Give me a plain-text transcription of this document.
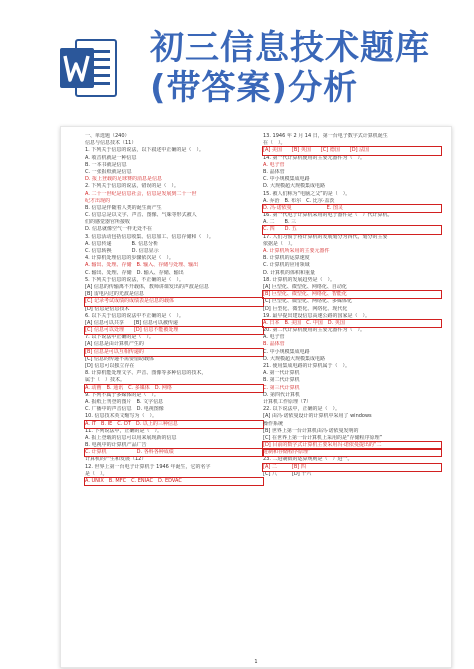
初三信息技术题库
(带答案)分析
一、单选题（240）
信息与信息技术（11）
1. 下列关于信息的说法，以下叙述中正确的是（　）。
A. 收音机就是一种信息
B. 一本书就是信息
C. 一张报纸就是信息
D. 报上登载的足球赛的消息是信息
2. 下列关于信息的说法，错误的是（　）。
A. 二十一世纪是信息社会，信息是发展到二十一世
纪才出现的
B. 信息是伴随着人类的诞生而产生
C. 信息总是以文字、声音、图像、气味等形式被人
们的感觉器官所接收
D. 信息就像空气一样无处不在
3. 信息活动包括信息收集、信息加工、信息存储和（　）。
A. 信息传递　　　　B. 信息分析
C. 信息转换　　　　D. 信息显示
4. 计算机处理信息的步骤依次是（　）。
A. 输出、处理、存储　B. 输入、存储与处理、输出
C. 输出、处理、存储　D. 输入、存储、输出
5. 下列关于信息的说法，不正确的是（　）。
[A] 信息的传输离不开载体，教师讲课发出的声波是信息
[B] 雷电闪过的光波是信息
[C] 记录考试成绩的成绩表是信息的载体
[D] 信息是信息技术
6. 以下关于信息的说法中不正确的是（　）。
[A] 信息可以共享　　[B] 信息可以被传递
[C] 信息可以处理　　[D] 信息不能被处理
7. 以下说法中正确的是（　）。
[A] 信息是由计算机产生的
[B] 信息是可以互相传递的
[C] 信息的传递不需要借助载体
[D] 信息可以独立存在
8. 计算机能处理文字、声音、图像等多种信息的技术，
属于（　）技术。
A. 动画　B. 通讯　C. 多媒体　D. 网络
9. 下列不属于多媒体的是（　）。
A. 报纸上刊登的图片　B. 文字信息
C. 广播中的声音信息　D. 电视图像
10. 信息技术英文缩写为（　）。
A. IT　B. IE　C. DT　D. 以上的三种信息
11. 下列说法中，正确的是（　）。
A. 报上登载的信息可以用来展现新的信息
B. 电视中的计算机产品广告
C. 计算机　　　　　　D. 各科各种成绩
计算机的产生和发展（12）
12. 世界上第一台电子计算机于 1946 年诞生，它的名字
是（　）。
A. UNIX　B. MFC　C. ENIAC　D. EDVAC
13. 1946 年 2 月 14 日，第一台电子数字式计算机诞生
在（　）。
[A] 美国　　[B] 英国　　[C] 德国　　[D] 法国
14. 第一代计算机使用的主要元器件为（　）。
A. 电子管
B. 晶体管
C. 中小规模集成电路
D. 大规模超大规模集成电路
15. 被人们称为“电脑之父”的是（　）。
A. 乔治　B. 布尔　C. 比尔·盖茨
D. 冯·诺依曼　　　　　　　E. 图灵
16. 第一代电子计算机采用的电子器件是（　）代计算机。
A. 二　　B. 三
C. 四　　D. 五
17. 人们习惯于将计算机的发展划分为四代，划分的主要
依据是（　）。
A. 计算机所采用的主要元器件
B. 计算机的运算速度
C. 计算机的应用领域
D. 计算机的体积和重量
18. 计算机的发展趋势是（　）。
[A] 巨型化、微型化、网络化、自动化
[B] 巨型化、微型化、网络化、智能化
[C] 巨型化、微型化、网络化、多媒体化
[D] 巨型化、微型化、网络化、现代化
19. 最早提出建设信息高速公路的国家是（　）。
A. 日本　B. 美国　C. 中国　D. 英国
20. 第二代计算机使用的主要元器件为（　）。
A. 电子管
B. 晶体管
C. 中小规模集成电路
D. 大规模超大规模集成电路
21. 使用集成电路的计算机属于（　）。
A. 第一代计算机
B. 第二代计算机
C. 第三代计算机
D. 第四代计算机
计算机工作原理（7）
22. 以下说法中，正确的是（　）。
[A] 由冯·诺依曼设计的计算机中采用了 windows
操作系统
[B] 世界上第一台计算机由冯·诺依曼发明的
[C] 在世界上第一台计算机上采用的是“存储程序原理”
[D] 目前的数字式计算机主要采用冯·诺依曼提出的“二
进制和存储程序原理”
23. 二进制数的运算规则是（　）进一。
[A] 二　　　[B] 四
[C] 八　　　[D] 十六
1
